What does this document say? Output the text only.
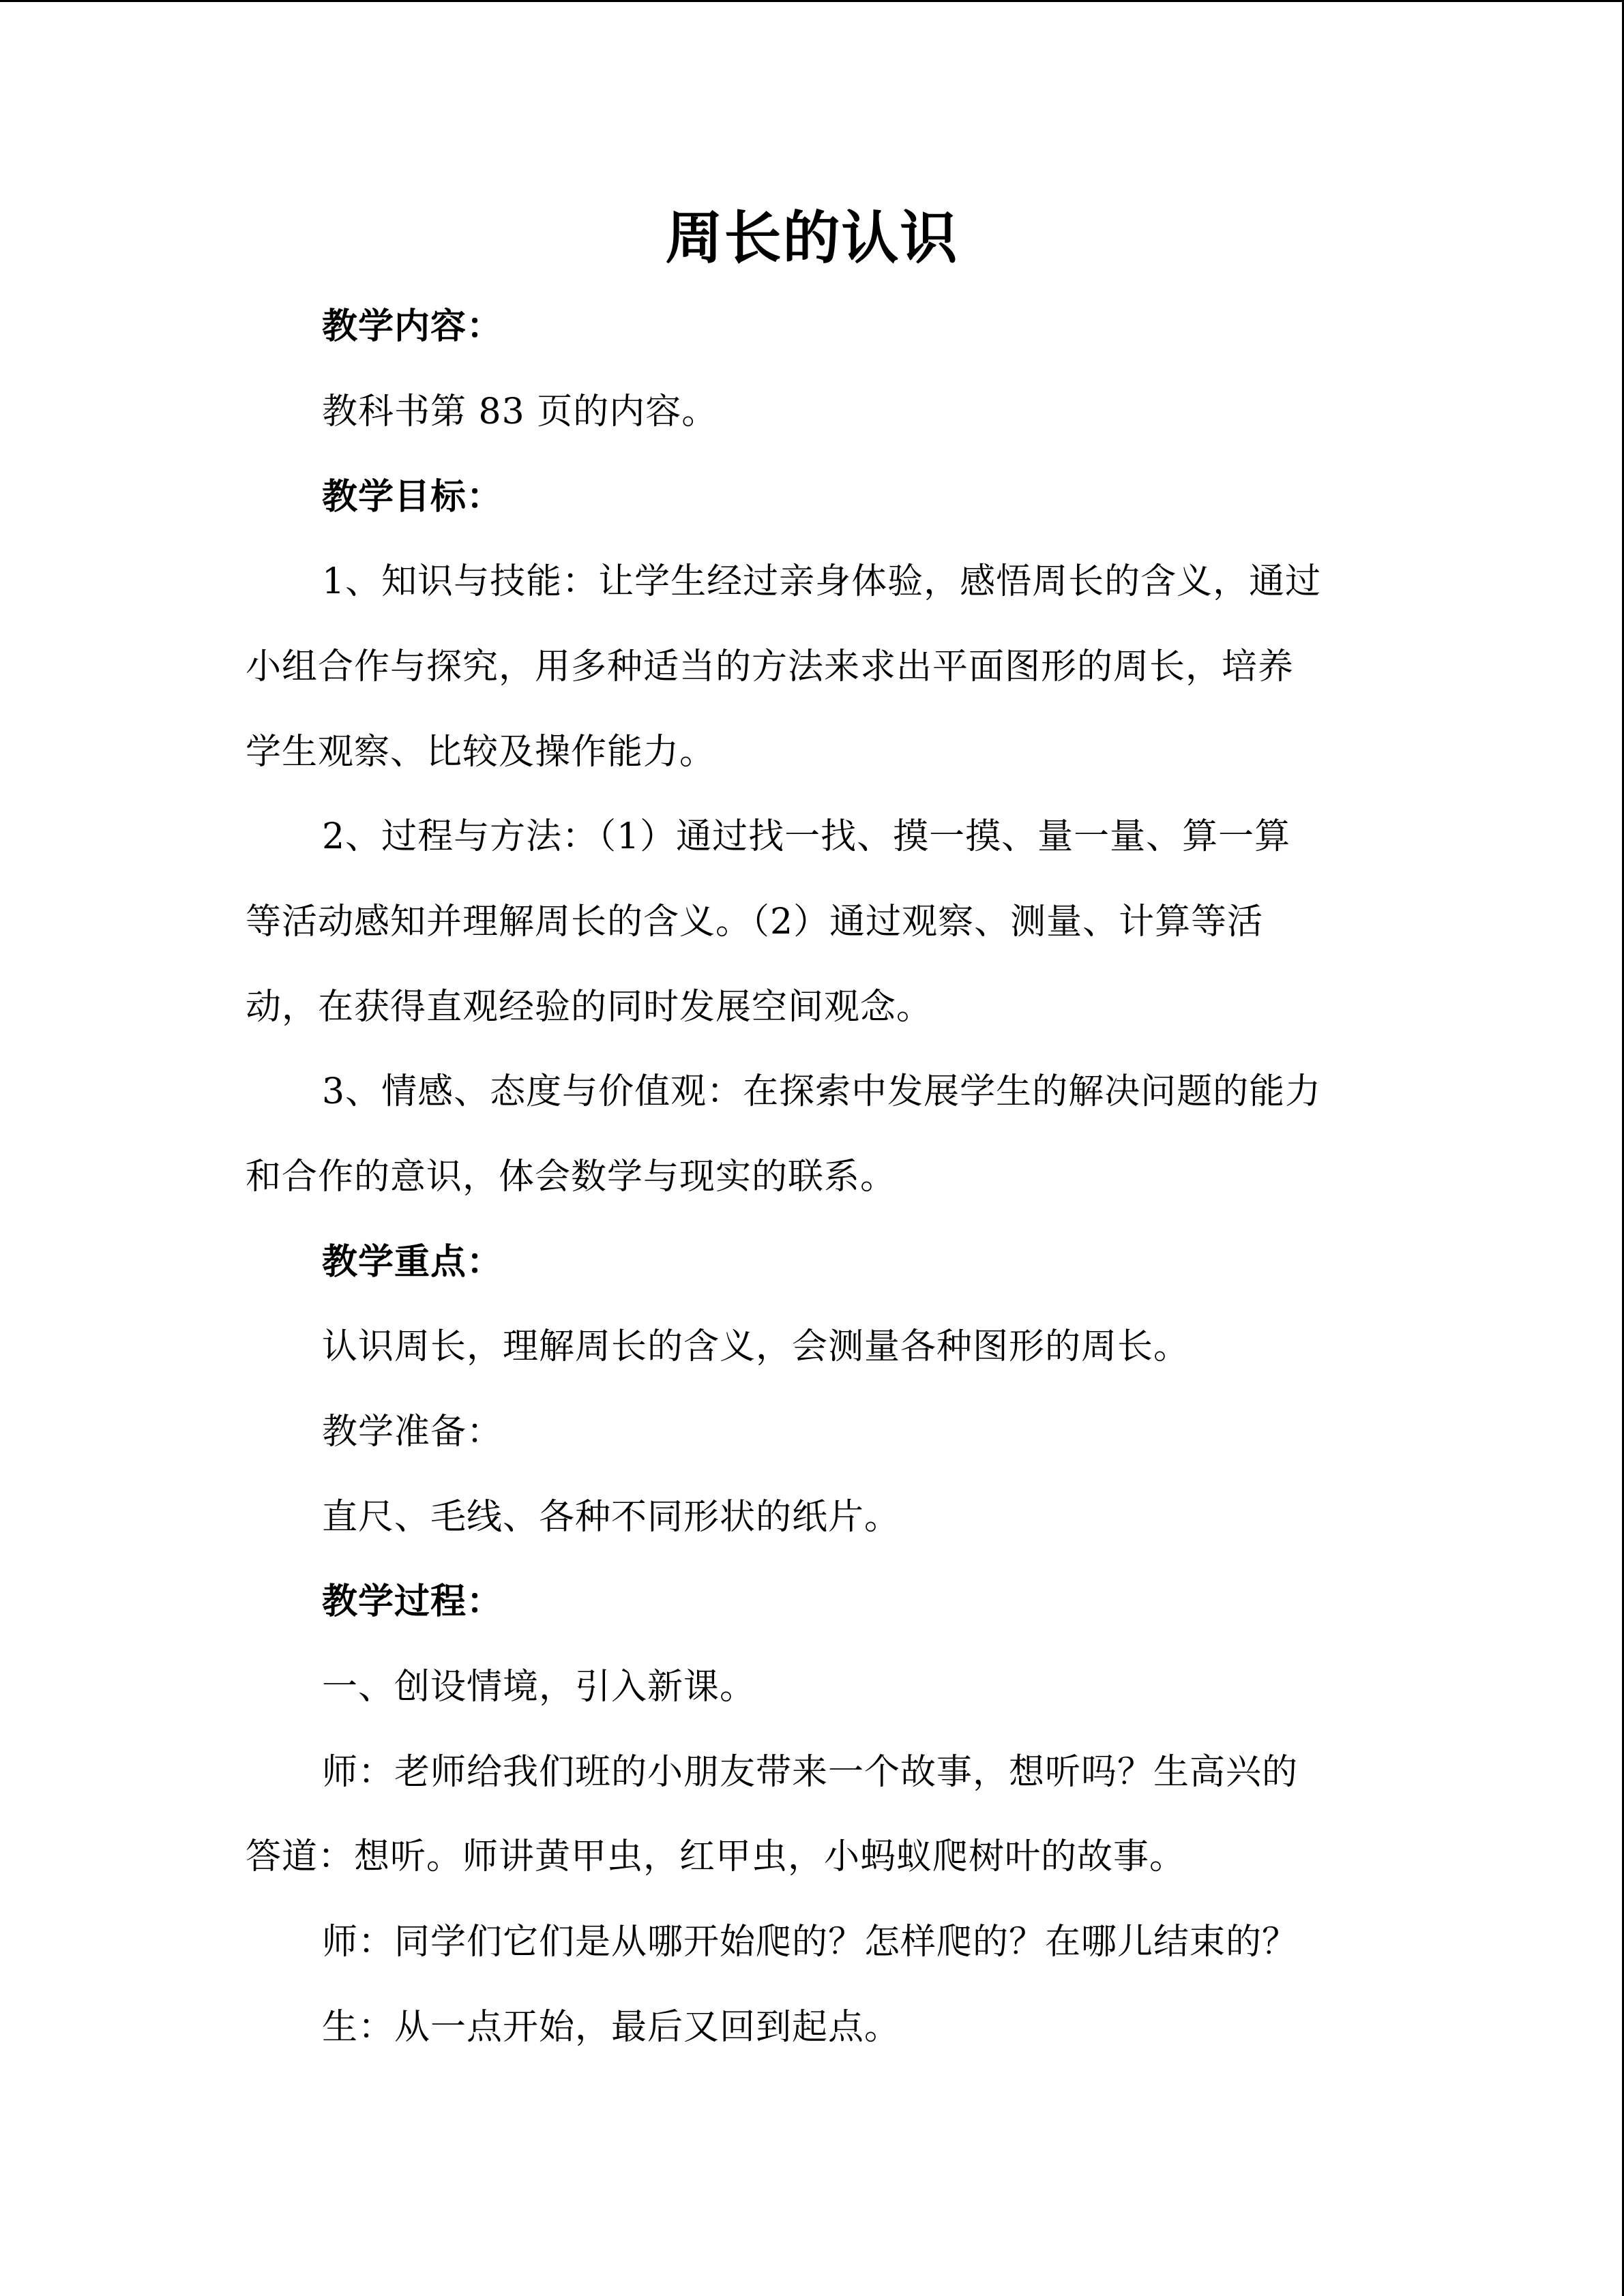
周长的认识
教学内容：
教科书第 83 页的内容。
教学目标：
1、知识与技能：让学生经过亲身体验，感悟周长的含义，通过
小组合作与探究，用多种适当的方法来求出平面图形的周长，培养
学生观察、比较及操作能力。
2、过程与方法：（1）通过找一找、摸一摸、量一量、算一算
等活动感知并理解周长的含义。（2）通过观察、测量、计算等活
动，在获得直观经验的同时发展空间观念。
3、情感、态度与价值观：在探索中发展学生的解决问题的能力
和合作的意识，体会数学与现实的联系。
教学重点：
认识周长，理解周长的含义，会测量各种图形的周长。
教学准备：
直尺、毛线、各种不同形状的纸片。
教学过程：
一、创设情境，引入新课。
师：老师给我们班的小朋友带来一个故事，想听吗？生高兴的
答道：想听。师讲黄甲虫，红甲虫，小蚂蚁爬树叶的故事。
师：同学们它们是从哪开始爬的？怎样爬的？在哪儿结束的？
生：从一点开始，最后又回到起点。
